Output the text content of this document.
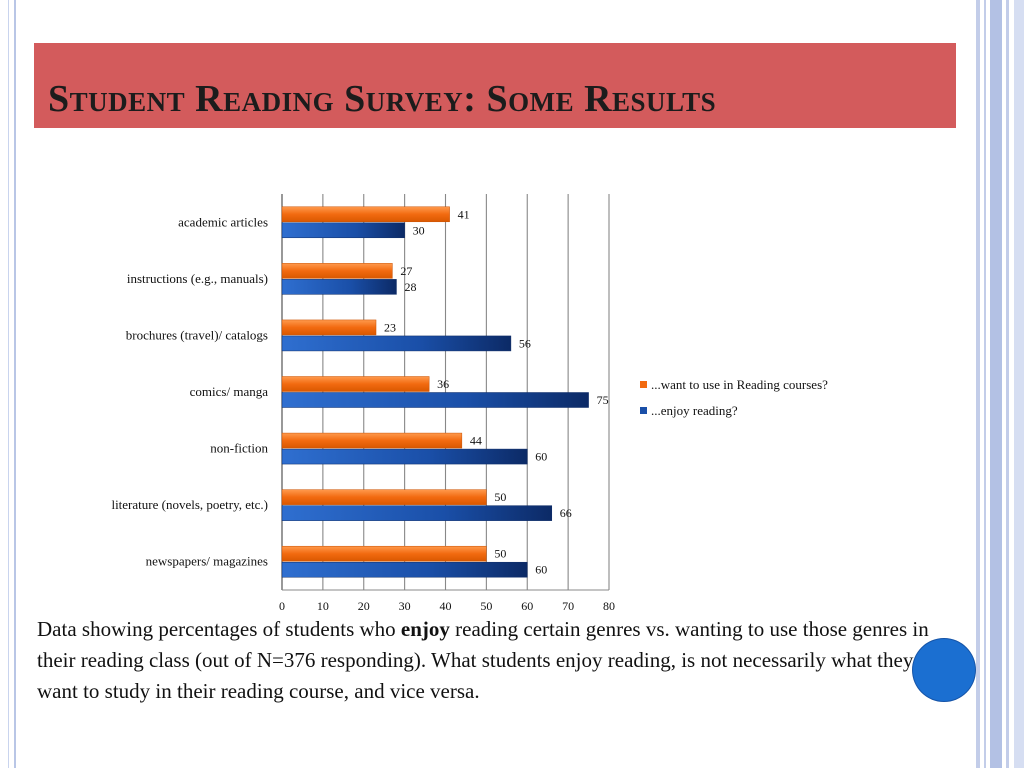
Student Reading Survey: Some Results
0	10 20 30 40 50 60 70 80
academic articles	41
30
instructions (e.g., manuals)	27
28
brochures (travel)/ catalogs	23
56
comics/ manga	36
75
non-fiction	44
60
literature (novels, poetry, etc.)	50
66
newspapers/ magazines	50
60
...want to use in Reading courses?
...enjoy reading?
Data showing percentages of students who enjoy reading certain genres vs. wanting to use those genres in their reading class (out of N=376 responding). What students enjoy reading, is not necessarily what they want to study in their reading course, and vice versa.
